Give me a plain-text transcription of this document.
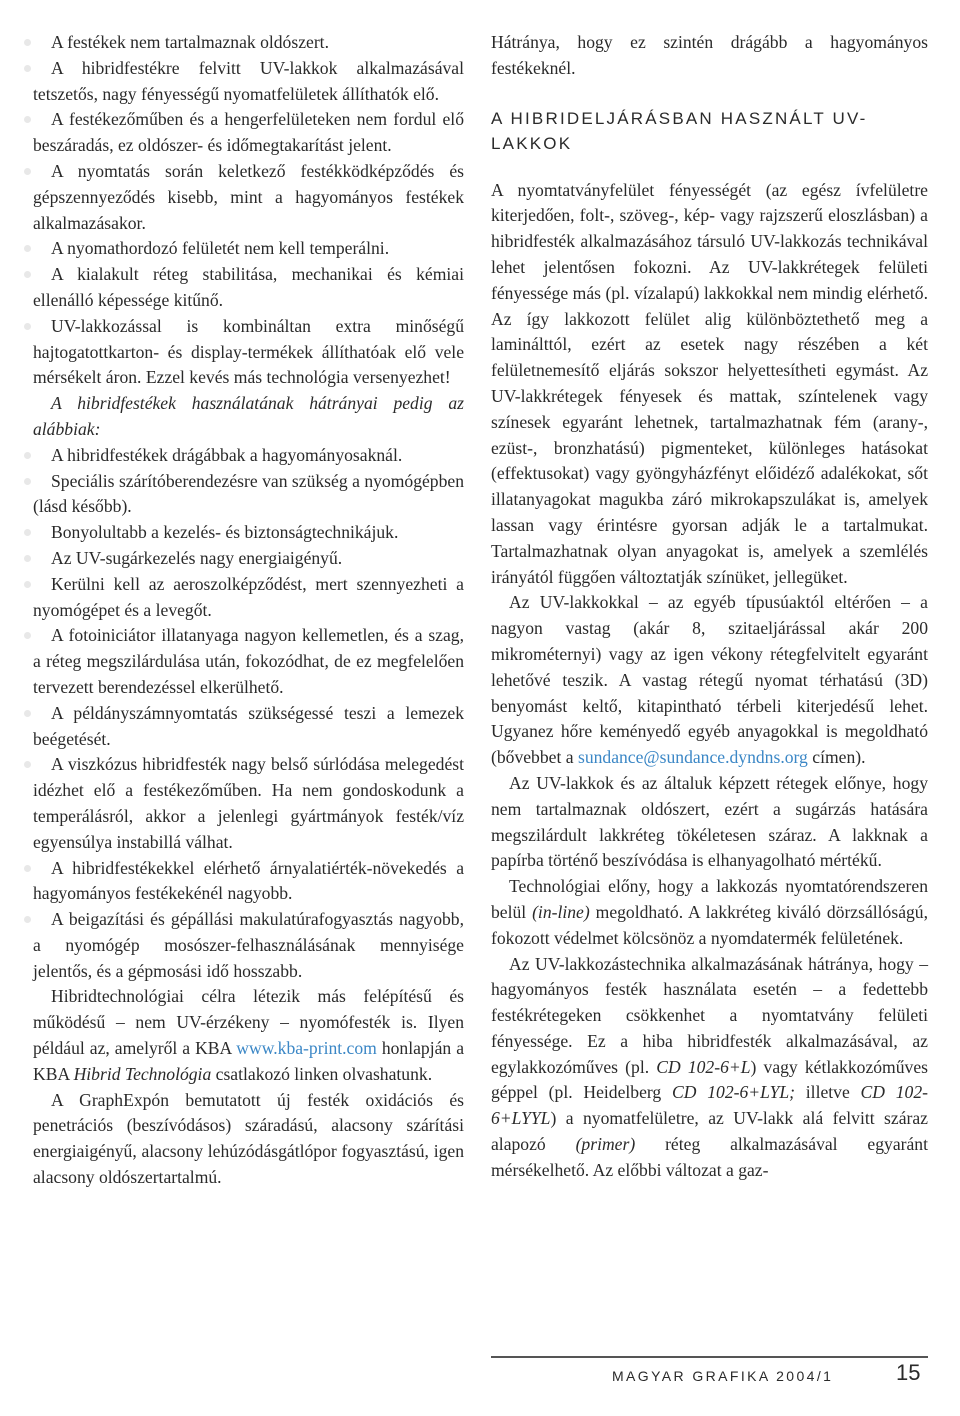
A festékek nem tartalmaznak oldószert.

A hibridfestékre felvitt UV-lakkok alkalmazásával tetszetős, nagy fényességű nyomatfelületek állíthatók elő.

A festékezőműben és a hengerfelületeken nem fordul elő beszáradás, ez oldószer- és időmegtakarítást jelent.

A nyomtatás során keletkező festékködképződés és gépszennyeződés kisebb, mint a hagyományos festékek alkalmazásakor.

A nyomathordozó felületét nem kell temperálni.

A kialakult réteg stabilitása, mechanikai és kémiai ellenálló képessége kitűnő.

UV-lakkozással is kombináltan extra minőségű hajtogatottkarton- és display-termékek állíthatóak elő vele mérsékelt áron. Ezzel kevés más technológia versenyezhet!

A hibridfestékek használatának hátrányai pedig az alábbiak:

A hibridfestékek drágábbak a hagyományosaknál.

Speciális szárítóberendezésre van szükség a nyomógépben (lásd később).

Bonyolultabb a kezelés- és biztonságtechnikájuk.

Az UV-sugárkezelés nagy energiaigényű.

Kerülni kell az aeroszolképződést, mert szennyezheti a nyomógépet és a levegőt.

A fotoiniciátor illatanyaga nagyon kellemetlen, és a szag, a réteg megszilárdulása után, fokozódhat, de ez megfelelően tervezett berendezéssel elkerülhető.

A példányszámnyomtatás szükségessé teszi a lemezek beégetését.

A viszkózus hibridfesték nagy belső súrlódása melegedést idézhet elő a festékezőműben. Ha nem gondoskodunk a temperálásról, akkor a jelenlegi gyártmányok festék/víz egyensúlya instabillá válhat.

A hibridfestékekkel elérhető árnyalatiérték-növekedés a hagyományos festékekénél nagyobb.

A beigazítási és gépállási makulatúrafogyasztás nagyobb, a nyomógép mosószer-felhasználásának mennyisége jelentős, és a gépmosási idő hosszabb.

Hibridtechnológiai célra létezik más felépítésű és működésű – nem UV-érzékeny – nyomófesték is. Ilyen például az, amelyről a KBA www.kba-print.com honlapján a KBA Hibrid Technológia csatlakozó linken olvashatunk.

A GraphExpón bemutatott új festék oxidációs és penetrációs (beszívódásos) száradású, alacsony szárítási energiaigényű, alacsony lehúzódásgátlópor fogyasztású, igen alacsony oldószertartalmú.

Hátránya, hogy ez szintén drágább a hagyományos festékeknél.

A HIBRIDELJÁRÁSBAN HASZNÁLT UV-LAKKOK

A nyomtatványfelület fényességét (az egész ívfelületre kiterjedően, folt-, szöveg-, kép- vagy rajzszerű eloszlásban) a hibridfesték alkalmazásához társuló UV-lakkozás technikával lehet jelentősen fokozni. Az UV-lakkrétegek felületi fényessége más (pl. vízalapú) lakkokkal nem mindig elérhető. Az így lakkozott felület alig különböztethető meg a laminálttól, ezért az esetek nagy részében a két felületnemesítő eljárás sokszor helyettesítheti egymást. Az UV-lakkrétegek fényesek és mattak, színtelenek vagy színesek egyaránt lehetnek, tartalmazhatnak fém (arany-, ezüst-, bronzhatású) pigmenteket, különleges hatásokat (effektusokat) vagy gyöngyházfényt előidéző adalékokat, sőt illatanyagokat magukba záró mikrokapszulákat is, amelyek lassan vagy érintésre gyorsan adják le a tartalmukat. Tartalmazhatnak olyan anyagokat is, amelyek a szemlélés irányától függően változtatják színüket, jellegüket.

Az UV-lakkokkal – az egyéb típusúaktól eltérően – a nagyon vastag (akár 8, szitaeljárással akár 200 mikrométernyi) vagy az igen vékony rétegfelvitelt egyaránt lehetővé teszik. A vastag rétegű nyomat térhatású (3D) benyomást keltő, kitapintható térbeli kiterjedésű lehet. Ugyanez hőre keményedő egyéb anyagokkal is megoldható (bővebbet a sundance@sundance.dyndns.org címen).

Az UV-lakkok és az általuk képzett rétegek előnye, hogy nem tartalmaznak oldószert, ezért a sugárzás hatására megszilárdult lakkréteg tökéletesen száraz. A lakknak a papírba történő beszívódása is elhanyagolható mértékű.

Technológiai előny, hogy a lakkozás nyomtatórendszeren belül (in-line) megoldható. A lakkréteg kiváló dörzsállóságú, fokozott védelmet kölcsönöz a nyomdatermék felületének.

Az UV-lakkozástechnika alkalmazásának hátránya, hogy – hagyományos festék használata esetén – a fedettebb festékrétegeken csökkenhet a nyomtatvány felületi fényessége. Ez a hiba hibridfesték alkalmazásával, az egylakkozóműves (pl. CD 102-6+L) vagy kétlakkozóműves géppel (pl. Heidelberg CD 102-6+LYL; illetve CD 102-6+LYYL) a nyomatfelületre, az UV-lakk alá felvitt száraz alapozó (primer) réteg alkalmazásával egyaránt mérsékelhető. Az előbbi változat a gaz-

MAGYAR GRAFIKA 2004/1	15
